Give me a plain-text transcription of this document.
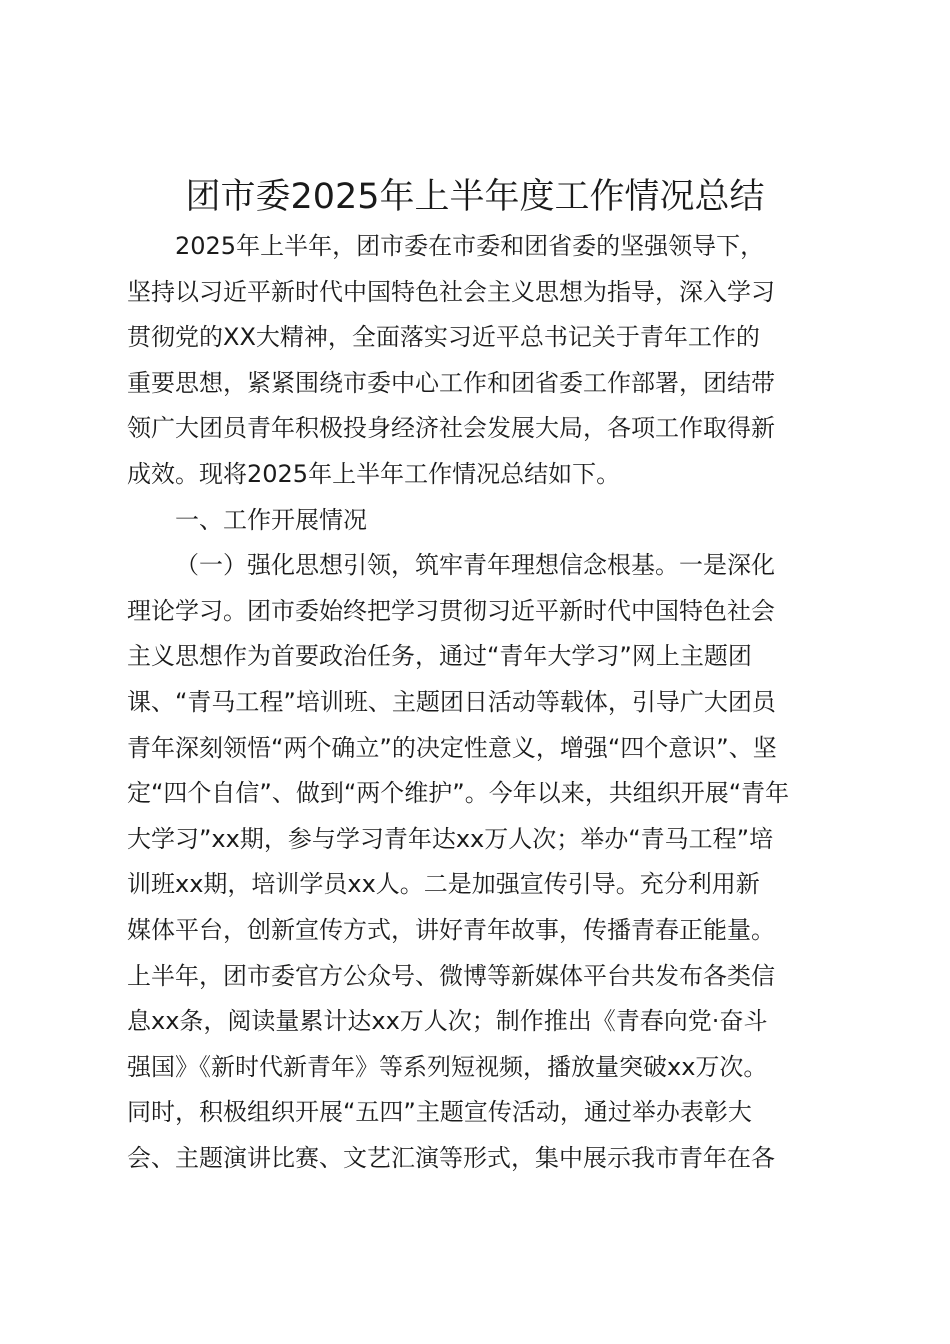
团市委2025年上半年度工作情况总结
2025年上半年，团市委在市委和团省委的坚强领导下，
坚持以习近平新时代中国特色社会主义思想为指导，深入学习
贯彻党的XX大精神，全面落实习近平总书记关于青年工作的
重要思想，紧紧围绕市委中心工作和团省委工作部署，团结带
领广大团员青年积极投身经济社会发展大局，各项工作取得新
成效。现将2025年上半年工作情况总结如下。
一、工作开展情况
（一）强化思想引领，筑牢青年理想信念根基。一是深化
理论学习。团市委始终把学习贯彻习近平新时代中国特色社会
主义思想作为首要政治任务，通过“青年大学习”网上主题团
课、“青马工程”培训班、主题团日活动等载体，引导广大团员
青年深刻领悟“两个确立”的决定性意义，增强“四个意识”、坚
定“四个自信”、做到“两个维护”。今年以来，共组织开展“青年
大学习”xx期，参与学习青年达xx万人次；举办“青马工程”培
训班xx期，培训学员xx人。二是加强宣传引导。充分利用新
媒体平台，创新宣传方式，讲好青年故事，传播青春正能量。
上半年，团市委官方公众号、微博等新媒体平台共发布各类信
息xx条，阅读量累计达xx万人次；制作推出《青春向党·奋斗
强国》《新时代新青年》等系列短视频，播放量突破xx万次。
同时，积极组织开展“五四”主题宣传活动，通过举办表彰大
会、主题演讲比赛、文艺汇演等形式，集中展示我市青年在各
